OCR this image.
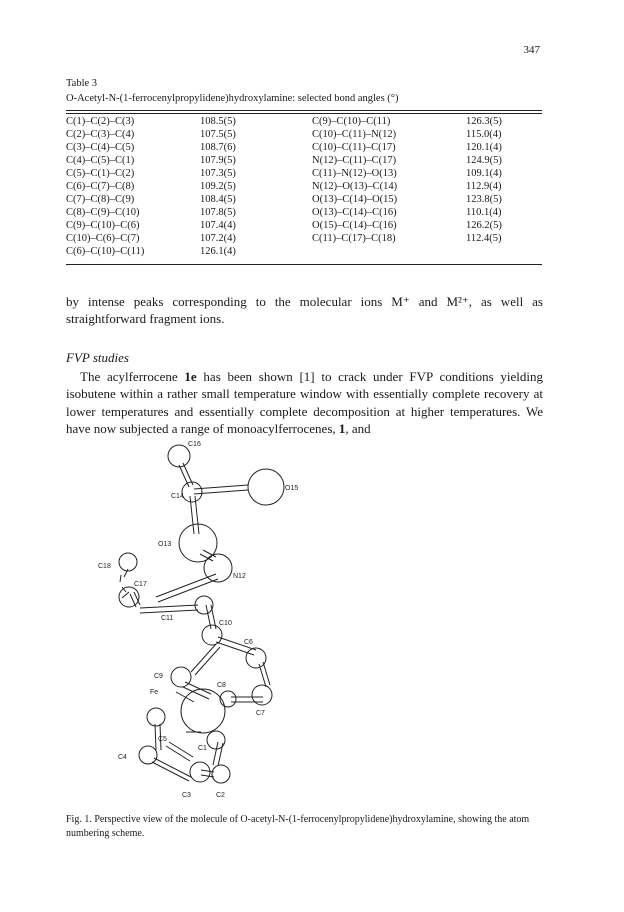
347
Table 3
O-Acetyl-N-(1-ferrocenylpropylidene)hydroxylamine: selected bond angles (°)
C(1)–C(2)–C(3)	108.5(5)	C(9)–C(10)–C(11)	126.3(5)
C(2)–C(3)–C(4)	107.5(5)	C(10)–C(11)–N(12)	115.0(4)
C(3)–C(4)–C(5)	108.7(6)	C(10)–C(11)–C(17)	120.1(4)
C(4)–C(5)–C(1)	107.9(5)	N(12)–C(11)–C(17)	124.9(5)
C(5)–C(1)–C(2)	107.3(5)	C(11)–N(12)–O(13)	109.1(4)
C(6)–C(7)–C(8)	109.2(5)	N(12)–O(13)–C(14)	112.9(4)
C(7)–C(8)–C(9)	108.4(5)	O(13)–C(14)–O(15)	123.8(5)
C(8)–C(9)–C(10)	107.8(5)	O(13)–C(14)–C(16)	110.1(4)
C(9)–C(10)–C(6)	107.4(4)	O(15)–C(14)–C(16)	126.2(5)
C(10)–C(6)–C(7)	107.2(4)	C(11)–C(17)–C(18)	112.4(5)
C(6)–C(10)–C(11)	126.1(4)		

by intense peaks corresponding to the molecular ions M⁺ and M²⁺, as well as straightforward fragment ions.

FVP studies

The acylferrocene 1e has been shown [1] to crack under FVP conditions yielding isobutene within a rather small temperature window with essentially complete recovery at lower temperatures and essentially complete decomposition at higher temperatures. We have now subjected a range of monoacylferrocenes, 1, and

C16
C14
O15
O13
N12
C18
C17
C11
C10
C6
C9
C8
Fe
C7
C5
C1
C4
C3	C2

Fig. 1. Perspective view of the molecule of O-acetyl-N-(1-ferrocenylpropylidene)hydroxylamine, showing the atom numbering scheme.
